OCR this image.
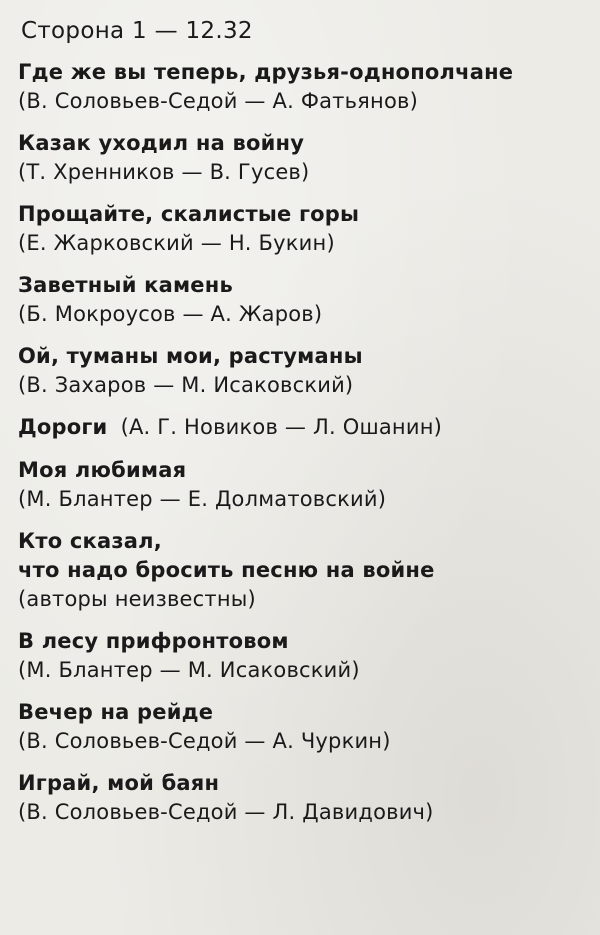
Сторона 1 — 12.32
Где же вы теперь, друзья-однополчане
(В. Соловьев-Седой — А. Фатьянов)
Казак уходил на войну
(Т. Хренников — В. Гусев)
Прощайте, скалистые горы
(Е. Жарковский — Н. Букин)
Заветный камень
(Б. Мокроусов — А. Жаров)
Ой, туманы мои, растуманы
(В. Захаров — М. Исаковский)
Дороги (А. Г. Новиков — Л. Ошанин)
Моя любимая
(М. Блантер — Е. Долматовский)
Кто сказал,
что надо бросить песню на войне
(авторы неизвестны)
В лесу прифронтовом
(М. Блантер — М. Исаковский)
Вечер на рейде
(В. Соловьев-Седой — А. Чуркин)
Играй, мой баян
(В. Соловьев-Седой — Л. Давидович)
